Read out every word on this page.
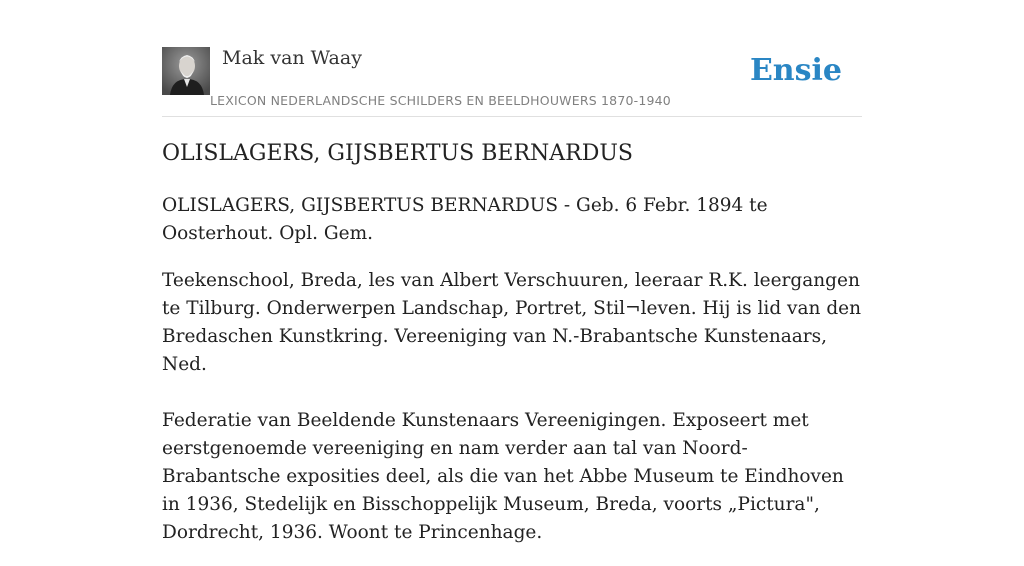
Mak van Waay
LEXICON NEDERLANDSCHE SCHILDERS EN BEELDHOUWERS 1870-1940
Ensie
OLISLAGERS, GIJSBERTUS BERNARDUS

OLISLAGERS, GIJSBERTUS BERNARDUS - Geb. 6 Febr. 1894 te Oosterhout. Opl. Gem.

Teekenschool, Breda, les van Albert Verschuuren, leeraar R.K. leergangen te Tilburg. Onderwerpen Landschap, Portret, Stil¬leven. Hij is lid van den Bredaschen Kunstkring. Vereeniging van N.-Brabantsche Kunstenaars, Ned.

Federatie van Beeldende Kunstenaars Vereenigingen. Exposeert met eerstgenoemde vereeniging en nam verder aan tal van Noord-Brabantsche exposities deel, als die van het Abbe Museum te Eindhoven in 1936, Stedelijk en Bisschoppelijk Museum, Breda, voorts „Pictura", Dordrecht, 1936. Woont te Princenhage.
